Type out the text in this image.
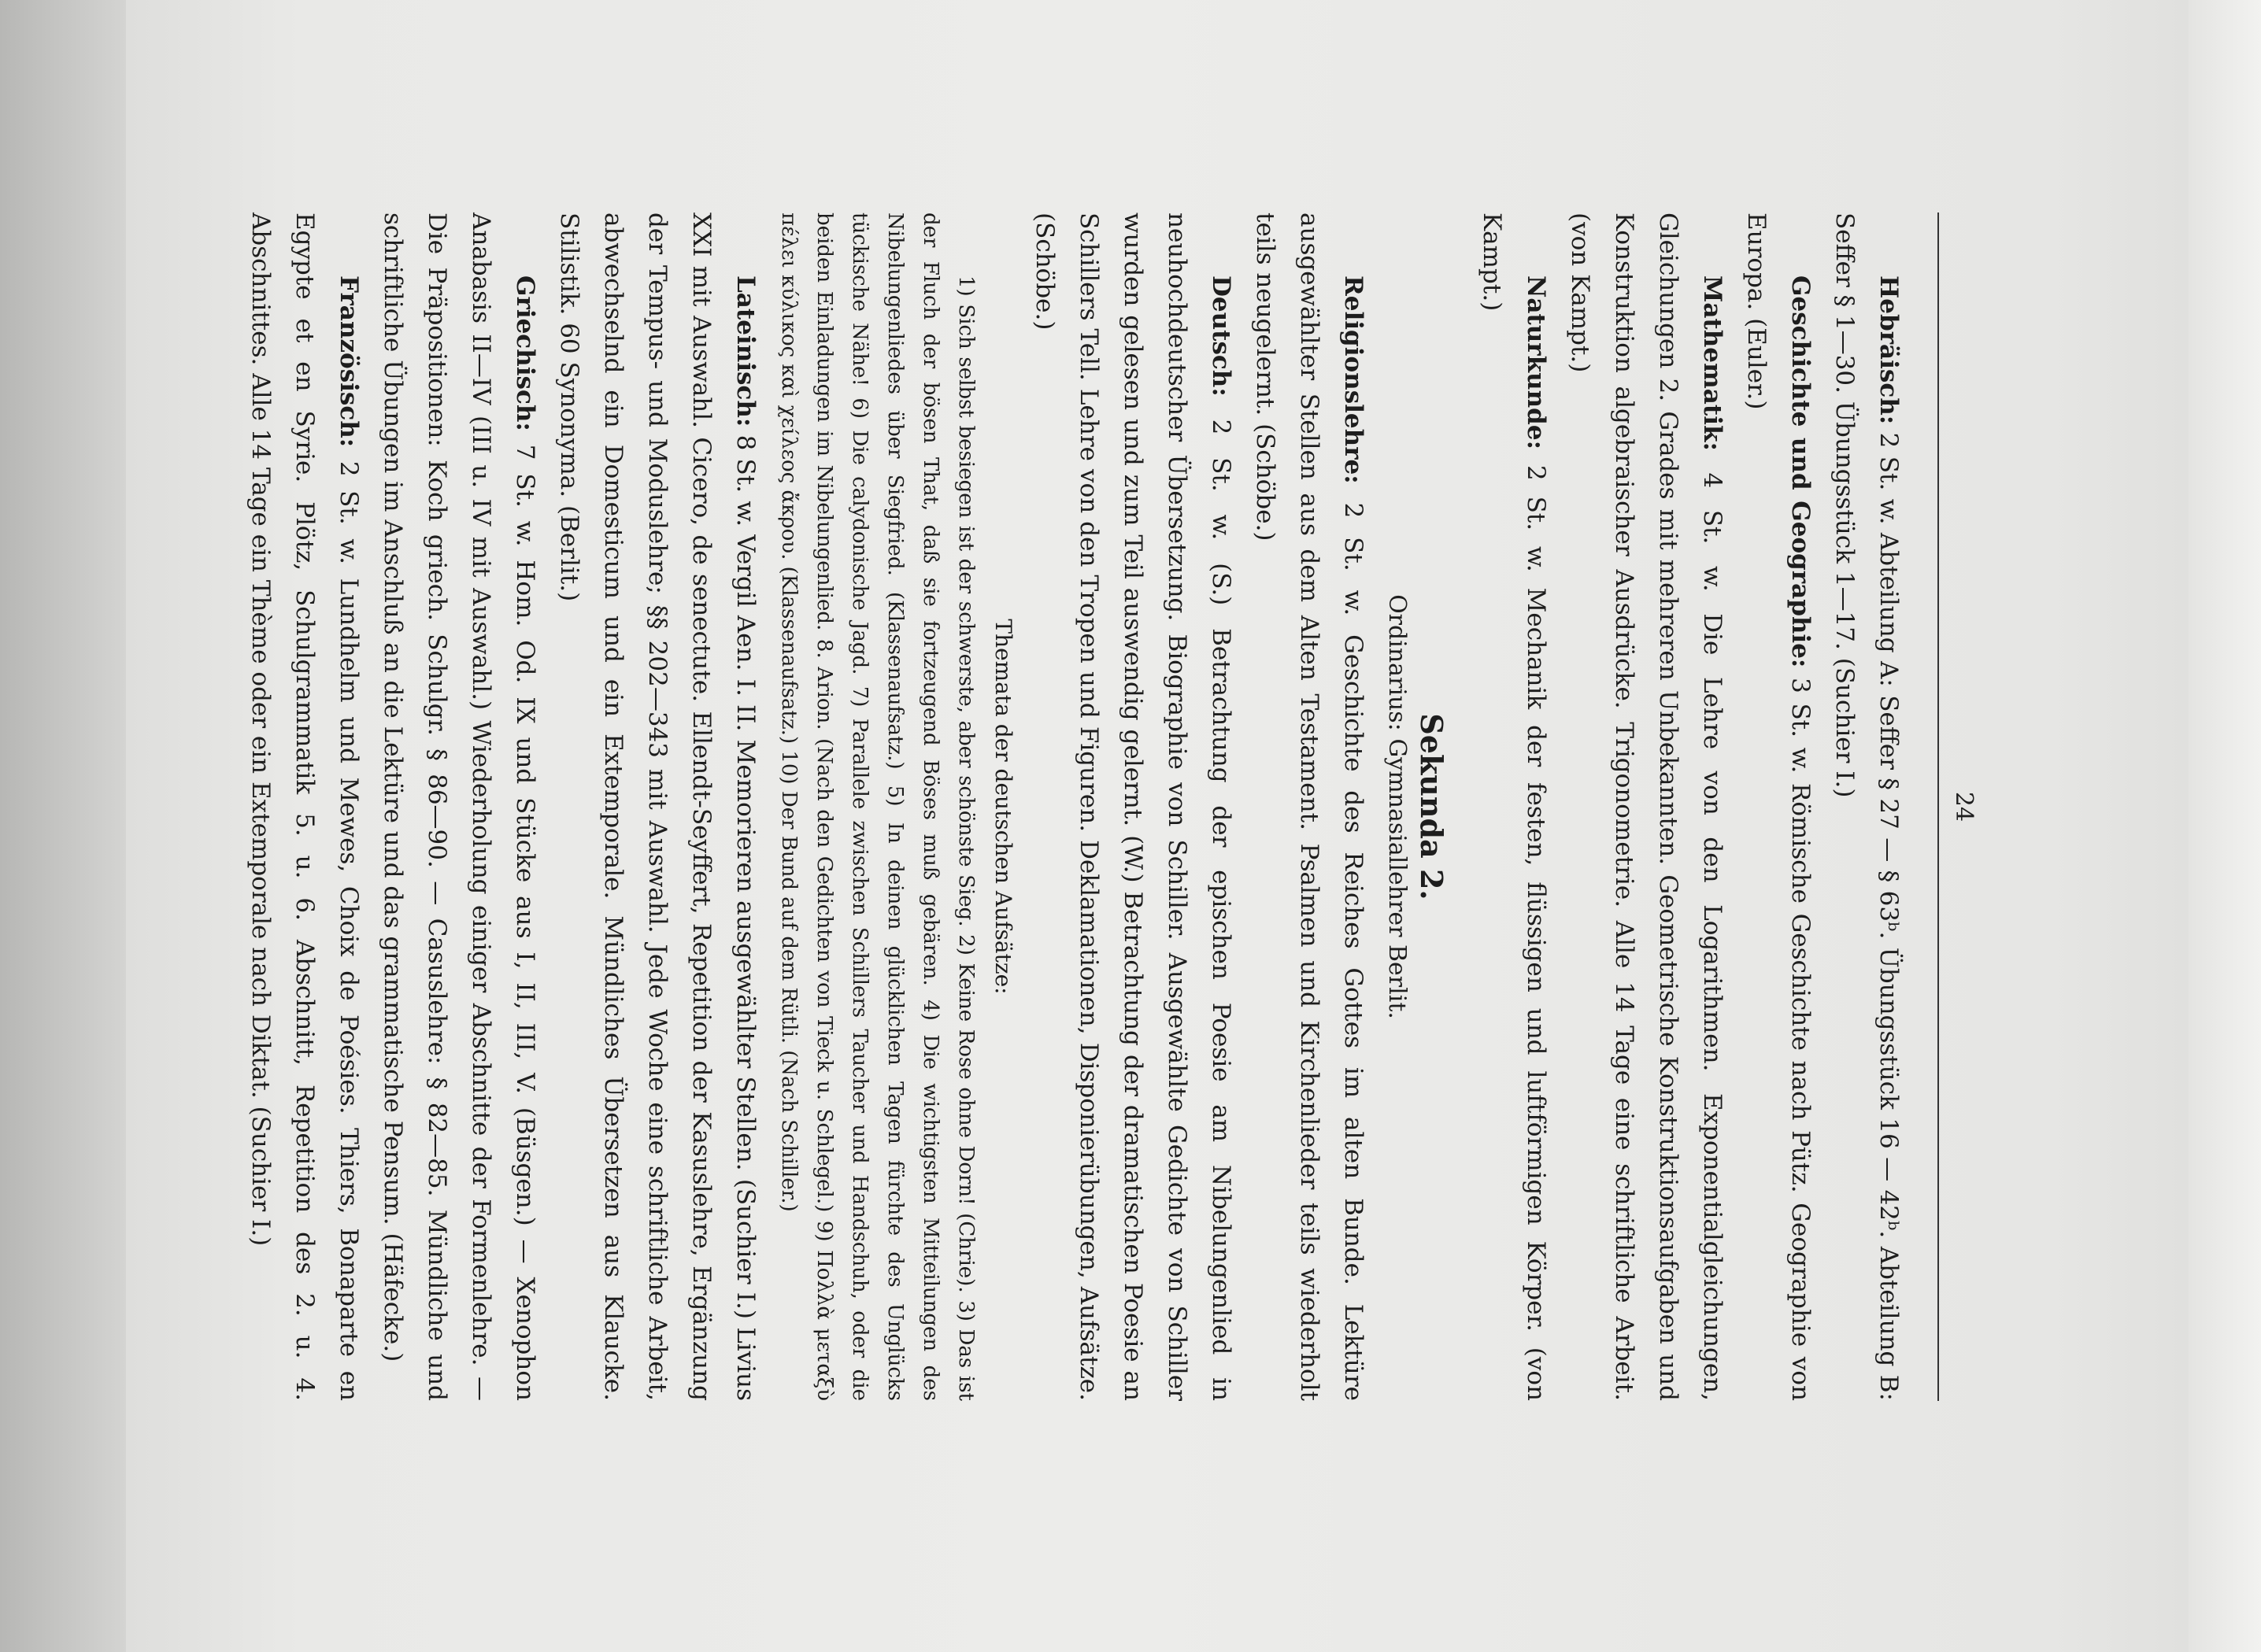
24

Hebräisch: 2 St. w. Abteilung A: Seffer § 27 — § 63ᵇ. Übungsstück 16 — 42ᵇ. Abteilung B: Seffer § 1—30. Übungsstück 1—17. (Suchier I.)

Geschichte und Geographie: 3 St. w. Römische Geschichte nach Pütz. Geographie von Europa. (Euler.)

Mathematik: 4 St. w. Die Lehre von den Logarithmen. Exponentialgleichungen, Gleichungen 2. Grades mit mehreren Unbekannten. Geometrische Konstruktionsaufgaben und Konstruktion algebraischer Ausdrücke. Trigonometrie. Alle 14 Tage eine schriftliche Arbeit. (von Kampt.)

Naturkunde: 2 St. w. Mechanik der festen, flüssigen und luftförmigen Körper. (von Kampt.)

Sekunda 2.
Ordinarius: Gymnasiallehrer Berlit.

Religionslehre: 2 St. w. Geschichte des Reiches Gottes im alten Bunde. Lektüre ausgewählter Stellen aus dem Alten Testament. Psalmen und Kirchenlieder teils wiederholt teils neugelernt. (Schöbe.)

Deutsch: 2 St. w. (S.) Betrachtung der epischen Poesie am Nibelungenlied in neuhochdeutscher Übersetzung. Biographie von Schiller. Ausgewählte Gedichte von Schiller wurden gelesen und zum Teil auswendig gelernt. (W.) Betrachtung der dramatischen Poesie an Schillers Tell. Lehre von den Tropen und Figuren. Deklamationen, Disponierübungen, Aufsätze. (Schöbe.)

Themata der deutschen Aufsätze:

1) Sich selbst besiegen ist der schwerste, aber schönste Sieg. 2) Keine Rose ohne Dorn! (Chrie). 3) Das ist der Fluch der bösen That, daß sie fortzeugend Böses muß gebären. 4) Die wichtigsten Mitteilungen des Nibelungenliedes über Siegfried. (Klassenaufsatz.) 5) In deinen glücklichen Tagen fürchte des Unglücks tückische Nähe! 6) Die calydonische Jagd. 7) Parallele zwischen Schillers Taucher und Handschuh, oder die beiden Einladungen im Nibelungenlied. 8. Arion. (Nach den Gedichten von Tieck u. Schlegel.) 9) Πολλὰ μεταξὺ πέλει κύλικος καὶ χείλεος ἄκρου. (Klassenaufsatz.) 10) Der Bund auf dem Rütli. (Nach Schiller.)

Lateinisch: 8 St. w. Vergil Aen. I. II. Memorieren ausgewählter Stellen. (Suchier I.) Livius XXI mit Auswahl. Cicero, de senectute. Ellendt-Seyffert, Repetition der Kasuslehre, Ergänzung der Tempus- und Moduslehre; §§ 202—343 mit Auswahl. Jede Woche eine schriftliche Arbeit, abwechselnd ein Domesticum und ein Extemporale. Mündliches Übersetzen aus Klaucke. Stilistik. 60 Synonyma. (Berlit.)

Griechisch: 7 St. w. Hom. Od. IX und Stücke aus I, II, III, V. (Büsgen.) — Xenophon Anabasis II—IV (III u. IV mit Auswahl.) Wiederholung einiger Abschnitte der Formenlehre. — Die Präpositionen: Koch griech. Schulgr. § 86—90. — Casuslehre: § 82—85. Mündliche und schriftliche Übungen im Anschluß an die Lektüre und das grammatische Pensum. (Häfecke.)

Französisch: 2 St. w. Lundhelm und Mewes, Choix de Poésies. Thiers, Bonaparte en Egypte et en Syrie. Plötz, Schulgrammatik 5. u. 6. Abschnitt, Repetition des 2. u. 4. Abschnittes. Alle 14 Tage ein Thème oder ein Extemporale nach Diktat. (Suchier I.)
